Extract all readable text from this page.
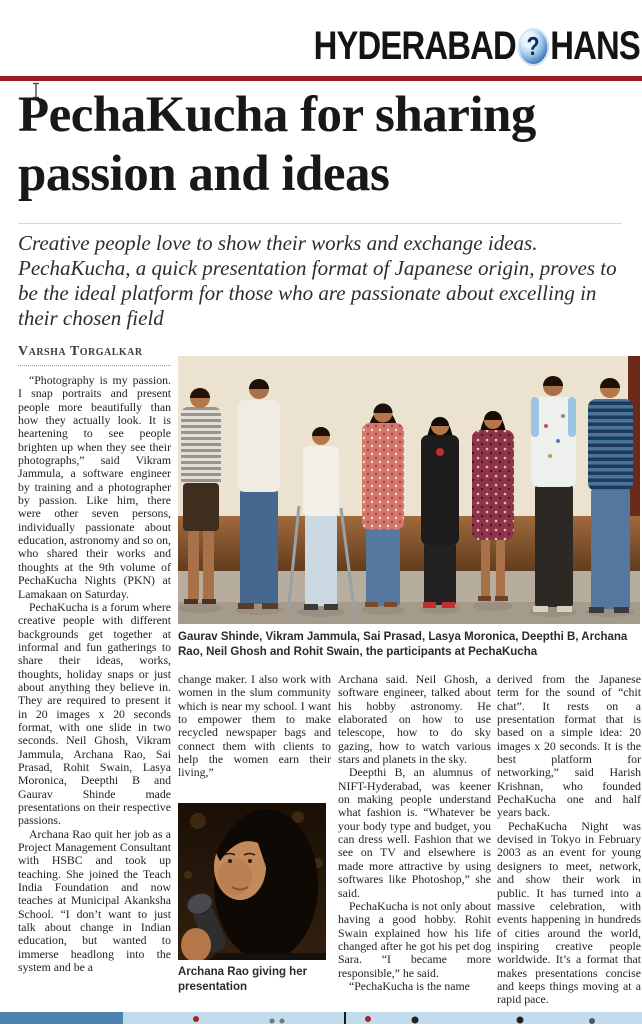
HYDERABAD ? HANS
PechaKucha for sharing passion and ideas
Creative people love to show their works and exchange ideas. PechaKucha, a quick presentation format of Japanese origin, proves to be the ideal platform for those who are passionate about excelling in their chosen field
Varsha Torgalkar

“Photography is my passion. I snap portraits and present people more beautifully than how they actually look. It is heartening to see people brighten up when they see their photographs,” said Vikram Jammula, a software engineer by training and a photographer by passion. Like him, there were other seven persons, individually passionate about education, astronomy and so on, who shared their works and thoughts at the 9th volume of PechaKucha Nights (PKN) at Lamakaan on Saturday.

PechaKucha is a forum where creative people with different backgrounds get together at informal and fun gatherings to share their ideas, works, thoughts, holiday snaps or just about anything they believe in. They are required to present it in 20 images x 20 seconds format, with one slide in two seconds. Neil Ghosh, Vikram Jammula, Archana Rao, Sai Prasad, Rohit Swain, Lasya Moronica, Deepthi B and Gaurav Shinde made presentations on their respective passions.

Archana Rao quit her job as a Project Management Consultant with HSBC and took up teaching. She joined the Teach India Foundation and now teaches at Municipal Akanksha School. “I don’t want to just talk about change in Indian education, but wanted to immerse headlong into the system and be a

Gaurav Shinde, Vikram Jammula, Sai Prasad, Lasya Moronica, Deepthi B, Archana Rao, Neil Ghosh and Rohit Swain, the participants at PechaKucha

change maker. I also work with women in the slum community which is near my school. I want to empower them to make recycled newspaper bags and connect them with clients to help the women earn their living,”

Archana Rao giving her presentation

Archana said. Neil Ghosh, a software engineer, talked about his hobby astronomy. He elaborated on how to use telescope, how to do sky gazing, how to watch various stars and planets in the sky.

Deepthi B, an alumnus of NIFT-Hyderabad, was keener on making people understand what fashion is. “Whatever be your body type and budget, you can dress well. Fashion that we see on TV and elsewhere is made more attractive by using softwares like Photoshop,” she said.

PechaKucha is not only about having a good hobby. Rohit Swain explained how his life changed after he got his pet dog Sara. “I became more responsible,” he said.

“PechaKucha is the name

derived from the Japanese term for the sound of “chit chat”. It rests on a presentation format that is based on a simple idea: 20 images x 20 seconds. It is the best platform for networking,” said Harish Krishnan, who founded PechaKucha one and half years back.

PechaKucha Night was devised in Tokyo in February 2003 as an event for young designers to meet, network, and show their work in public. It has turned into a massive celebration, with events happening in hundreds of cities around the world, inspiring creative people worldwide. It’s a format that makes presentations concise and keeps things moving at a rapid pace.
